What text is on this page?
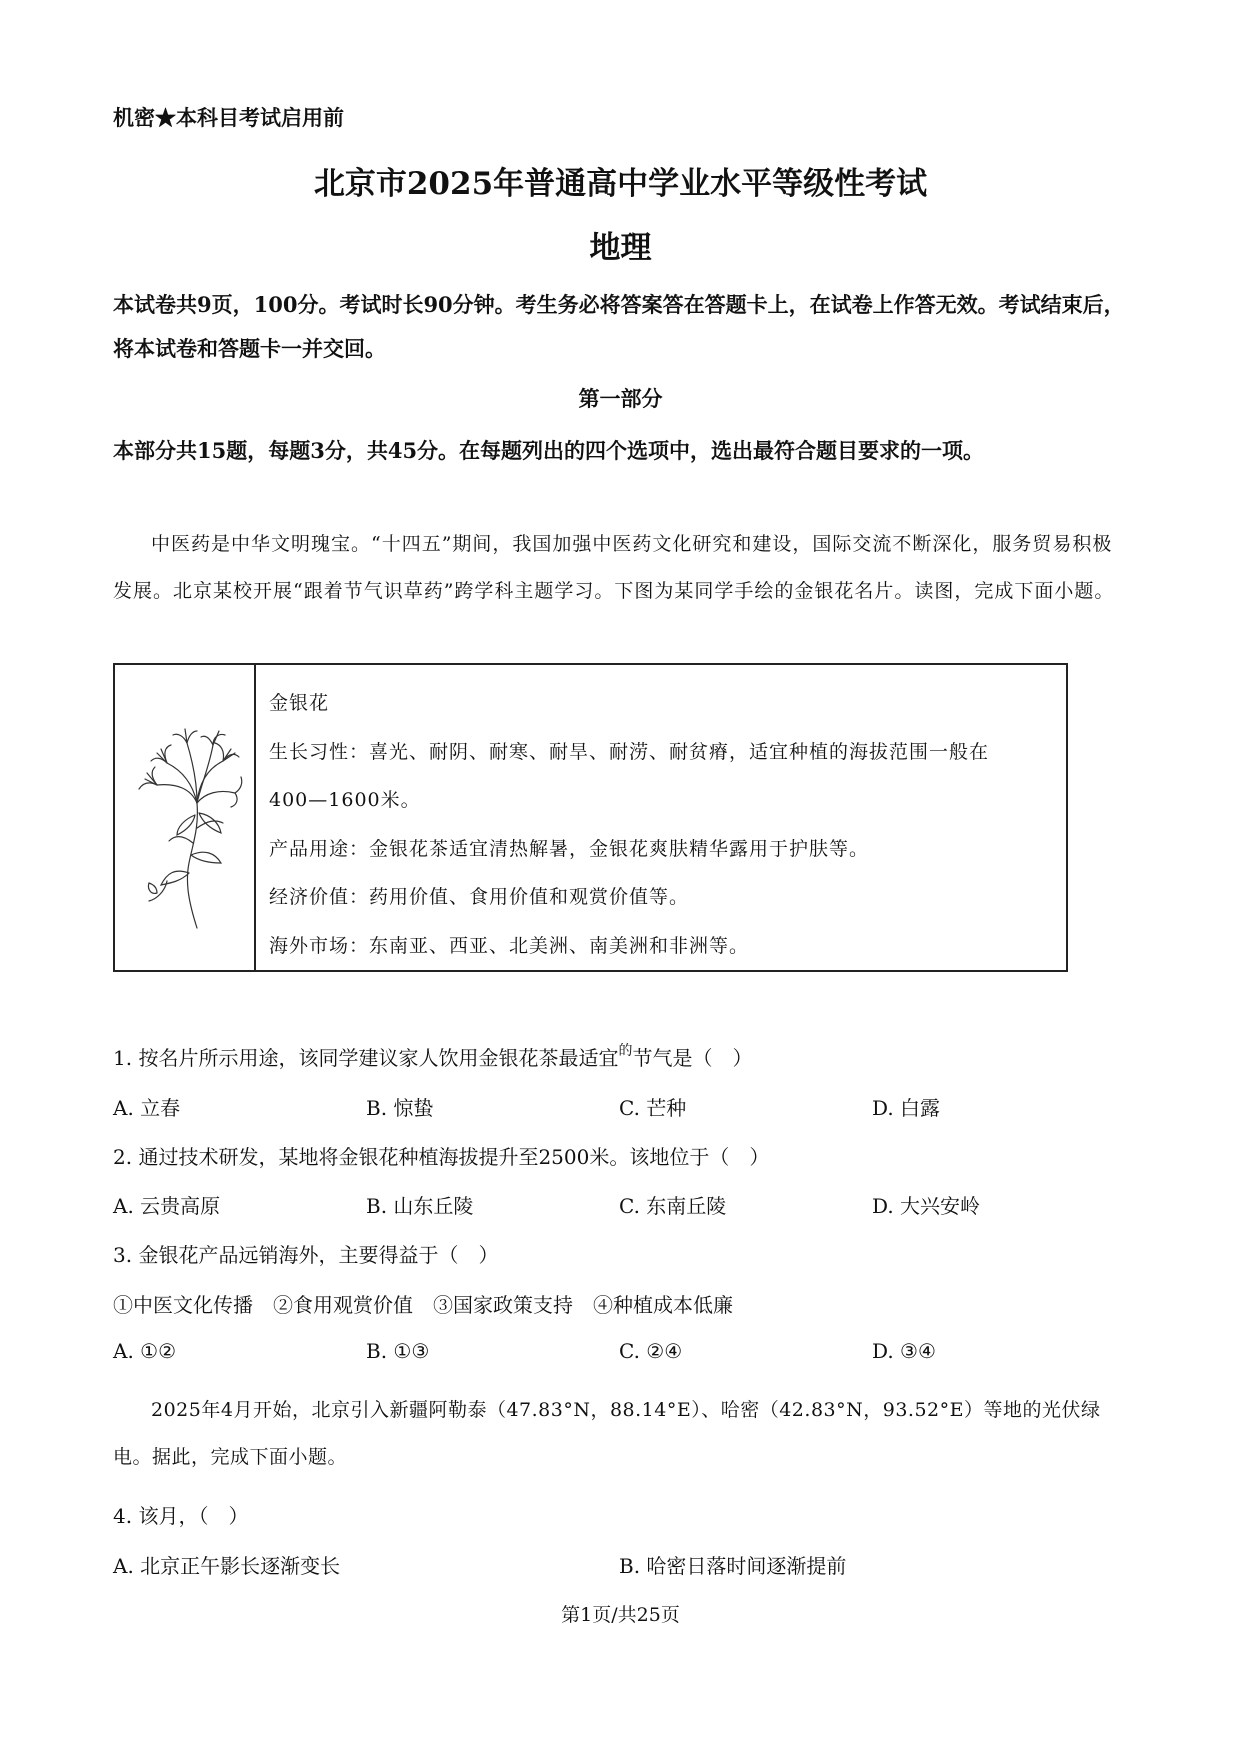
机密★本科目考试启用前
北京市2025年普通高中学业水平等级性考试
地理
本试卷共9页，100分。考试时长90分钟。考生务必将答案答在答题卡上，在试卷上作答无效。考试结束后，将本试卷和答题卡一并交回。
第一部分
本部分共15题，每题3分，共45分。在每题列出的四个选项中，选出最符合题目要求的一项。
中医药是中华文明瑰宝。“十四五”期间，我国加强中医药文化研究和建设，国际交流不断深化，服务贸易积极发展。北京某校开展“跟着节气识草药”跨学科主题学习。下图为某同学手绘的金银花名片。读图，完成下面小题。
金银花
生长习性：喜光、耐阴、耐寒、耐旱、耐涝、耐贫瘠，适宜种植的海拔范围一般在
400—1600米。
产品用途：金银花茶适宜清热解暑，金银花爽肤精华露用于护肤等。
经济价值：药用价值、食用价值和观赏价值等。
海外市场：东南亚、西亚、北美洲、南美洲和非洲等。
1. 按名片所示用途，该同学建议家人饮用金银花茶最适宜$^的$节气是（　）
A. 立春	B. 惊蛰	C. 芒种	D. 白露
2. 通过技术研发，某地将金银花种植海拔提升至2500米。该地位于（　）
A. 云贵高原	B. 山东丘陵	C. 东南丘陵	D. 大兴安岭
3. 金银花产品远销海外，主要得益于（　）
①中医文化传播　②食用观赏价值　③国家政策支持　④种植成本低廉
A. ①②	B. ①③	C. ②④	D. ③④
2025年4月开始，北京引入新疆阿勒泰（47.83°N，88.14°E）、哈密（42.83°N，93.52°E）等地的光伏绿电。据此，完成下面小题。
4. 该月，（　）
A. 北京正午影长逐渐变长	B. 哈密日落时间逐渐提前
第1页/共25页
